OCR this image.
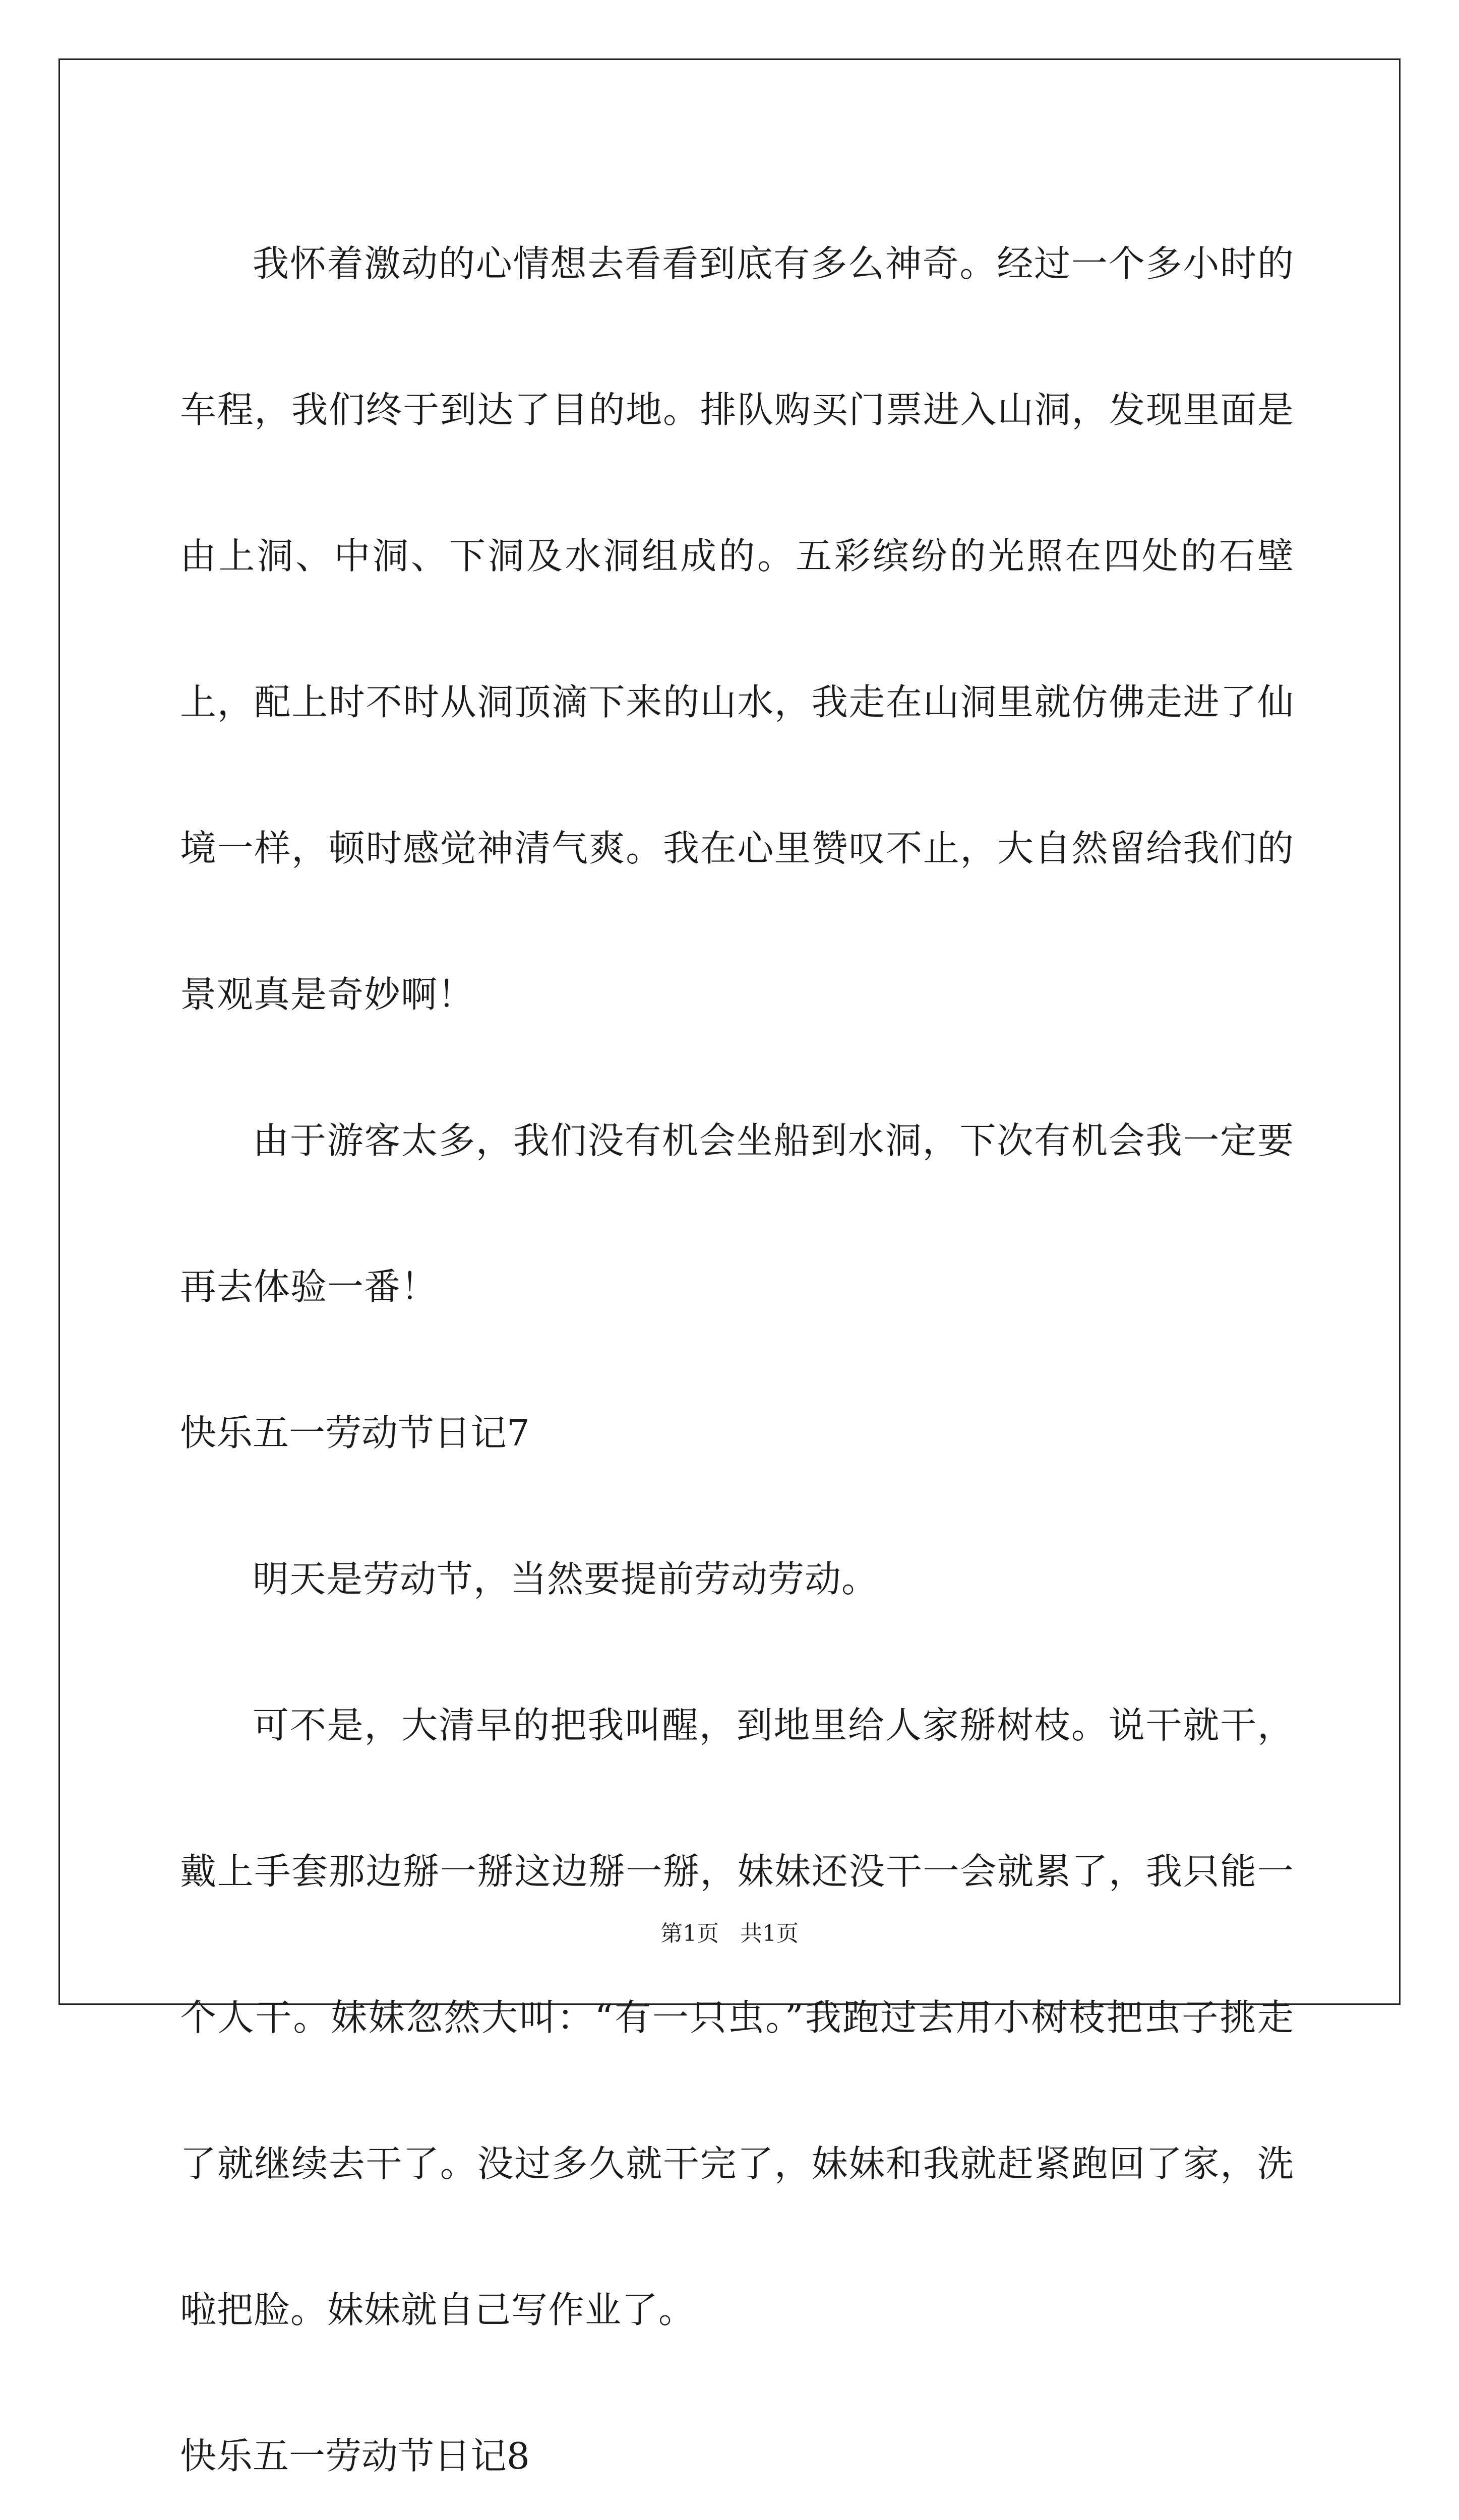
我怀着激动的心情想去看看到底有多么神奇。经过一个多小时的车程，我们终于到达了目的地。排队购买门票进入山洞，发现里面是由上洞、中洞、下洞及水洞组成的。五彩缤纷的光照在四处的石壁上，配上时不时从洞顶滴下来的山水，我走在山洞里就仿佛走进了仙境一样，顿时感觉神清气爽。我在心里赞叹不止，大自然留给我们的景观真是奇妙啊！

由于游客太多，我们没有机会坐船到水洞，下次有机会我一定要再去体验一番！

快乐五一劳动节日记7

明天是劳动节，当然要提前劳动劳动。

可不是，大清早的把我叫醒，到地里给人家掰树枝。说干就干，戴上手套那边掰一掰这边掰一掰，妹妹还没干一会就累了，我只能一个人干。妹妹忽然大叫：“有一只虫。”我跑过去用小树枝把虫子挑走了就继续去干了。没过多久就干完了，妹妹和我就赶紧跑回了家，洗啦把脸。妹妹就自己写作业了。

快乐五一劳动节日记8

第1页 共1页
